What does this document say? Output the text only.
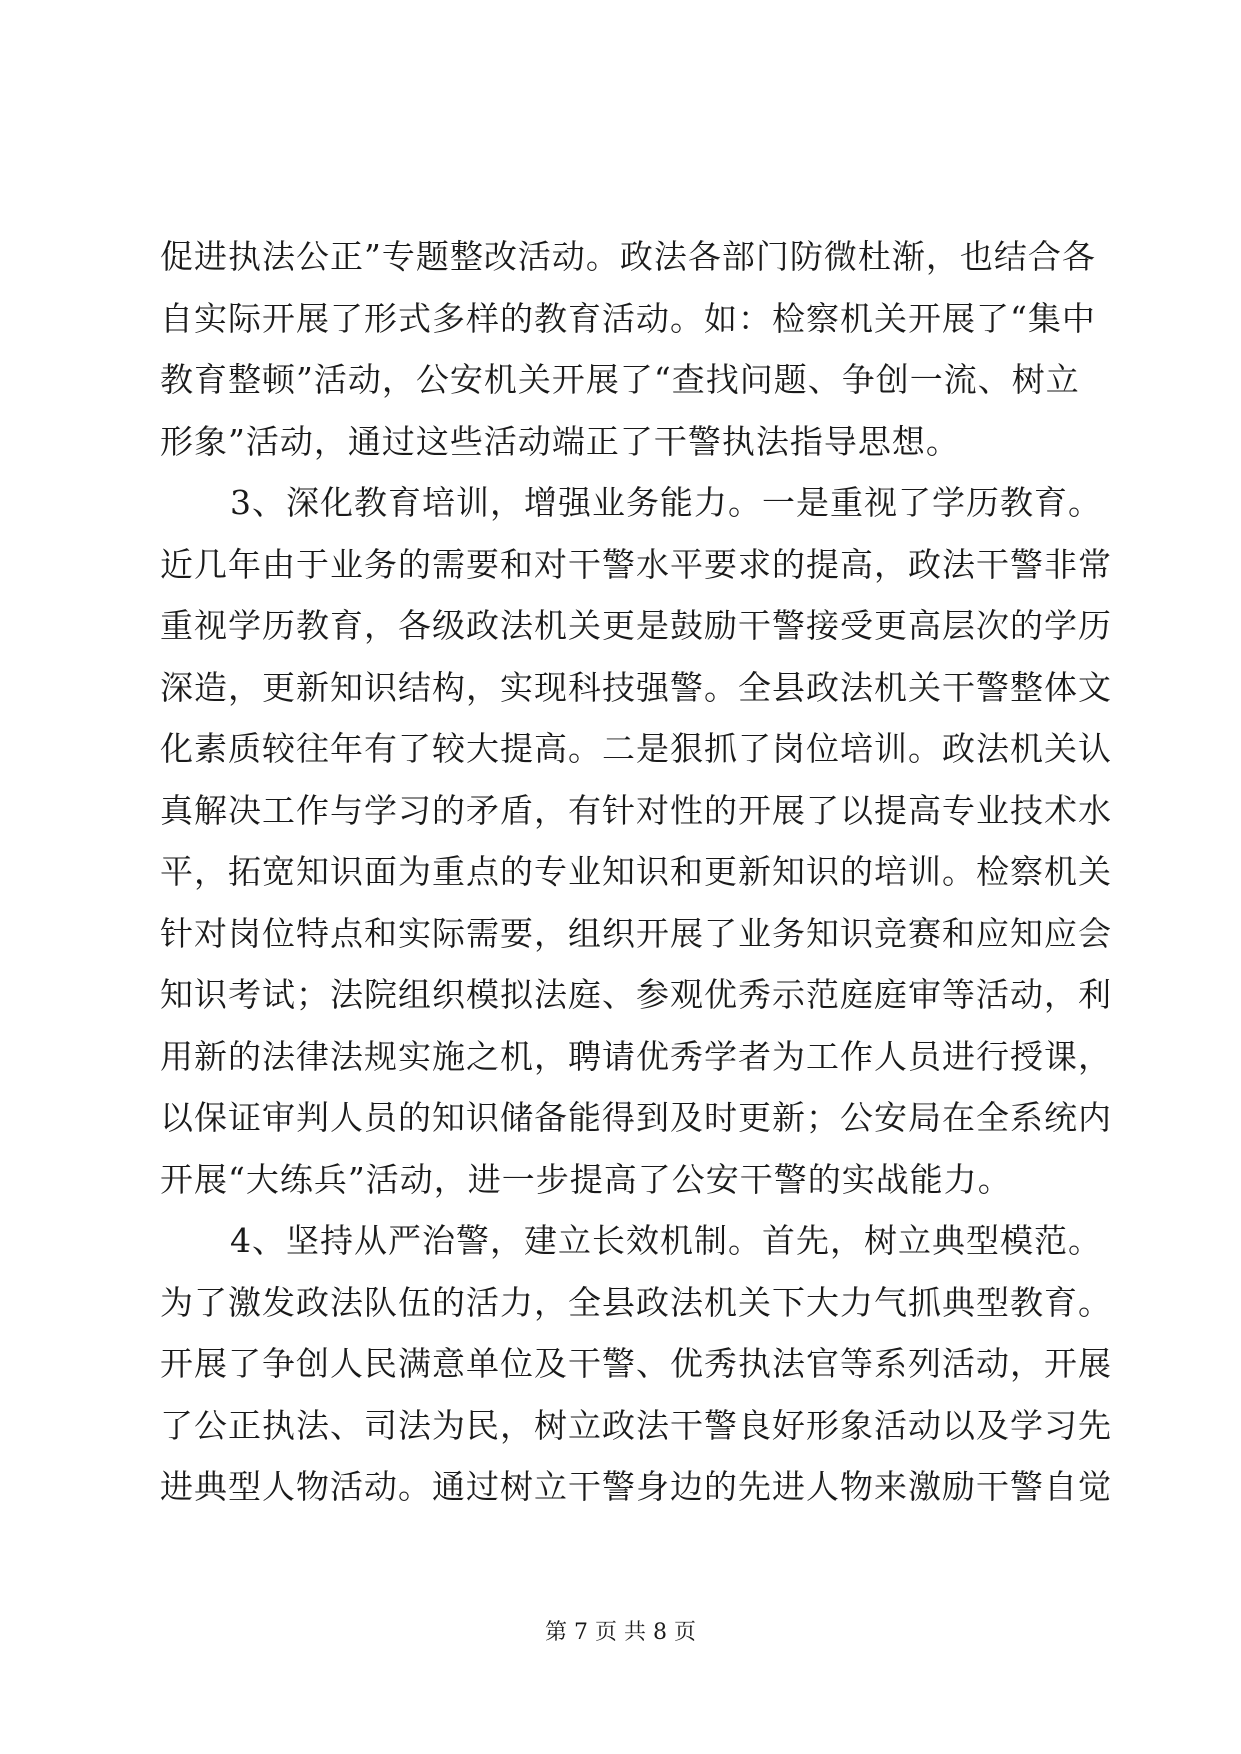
促进执法公正”专题整改活动。政法各部门防微杜渐，也结合各
自实际开展了形式多样的教育活动。如：检察机关开展了“集中
教育整顿”活动，公安机关开展了“查找问题、争创一流、树立
形象”活动，通过这些活动端正了干警执法指导思想。
3、深化教育培训，增强业务能力。一是重视了学历教育。
近几年由于业务的需要和对干警水平要求的提高，政法干警非常
重视学历教育，各级政法机关更是鼓励干警接受更高层次的学历
深造，更新知识结构，实现科技强警。全县政法机关干警整体文
化素质较往年有了较大提高。二是狠抓了岗位培训。政法机关认
真解决工作与学习的矛盾，有针对性的开展了以提高专业技术水
平，拓宽知识面为重点的专业知识和更新知识的培训。检察机关
针对岗位特点和实际需要，组织开展了业务知识竞赛和应知应会
知识考试；法院组织模拟法庭、参观优秀示范庭庭审等活动，利
用新的法律法规实施之机，聘请优秀学者为工作人员进行授课，
以保证审判人员的知识储备能得到及时更新；公安局在全系统内
开展“大练兵”活动，进一步提高了公安干警的实战能力。
4、坚持从严治警，建立长效机制。首先，树立典型模范。
为了激发政法队伍的活力，全县政法机关下大力气抓典型教育。
开展了争创人民满意单位及干警、优秀执法官等系列活动，开展
了公正执法、司法为民，树立政法干警良好形象活动以及学习先
进典型人物活动。通过树立干警身边的先进人物来激励干警自觉
第 7 页 共 8 页
